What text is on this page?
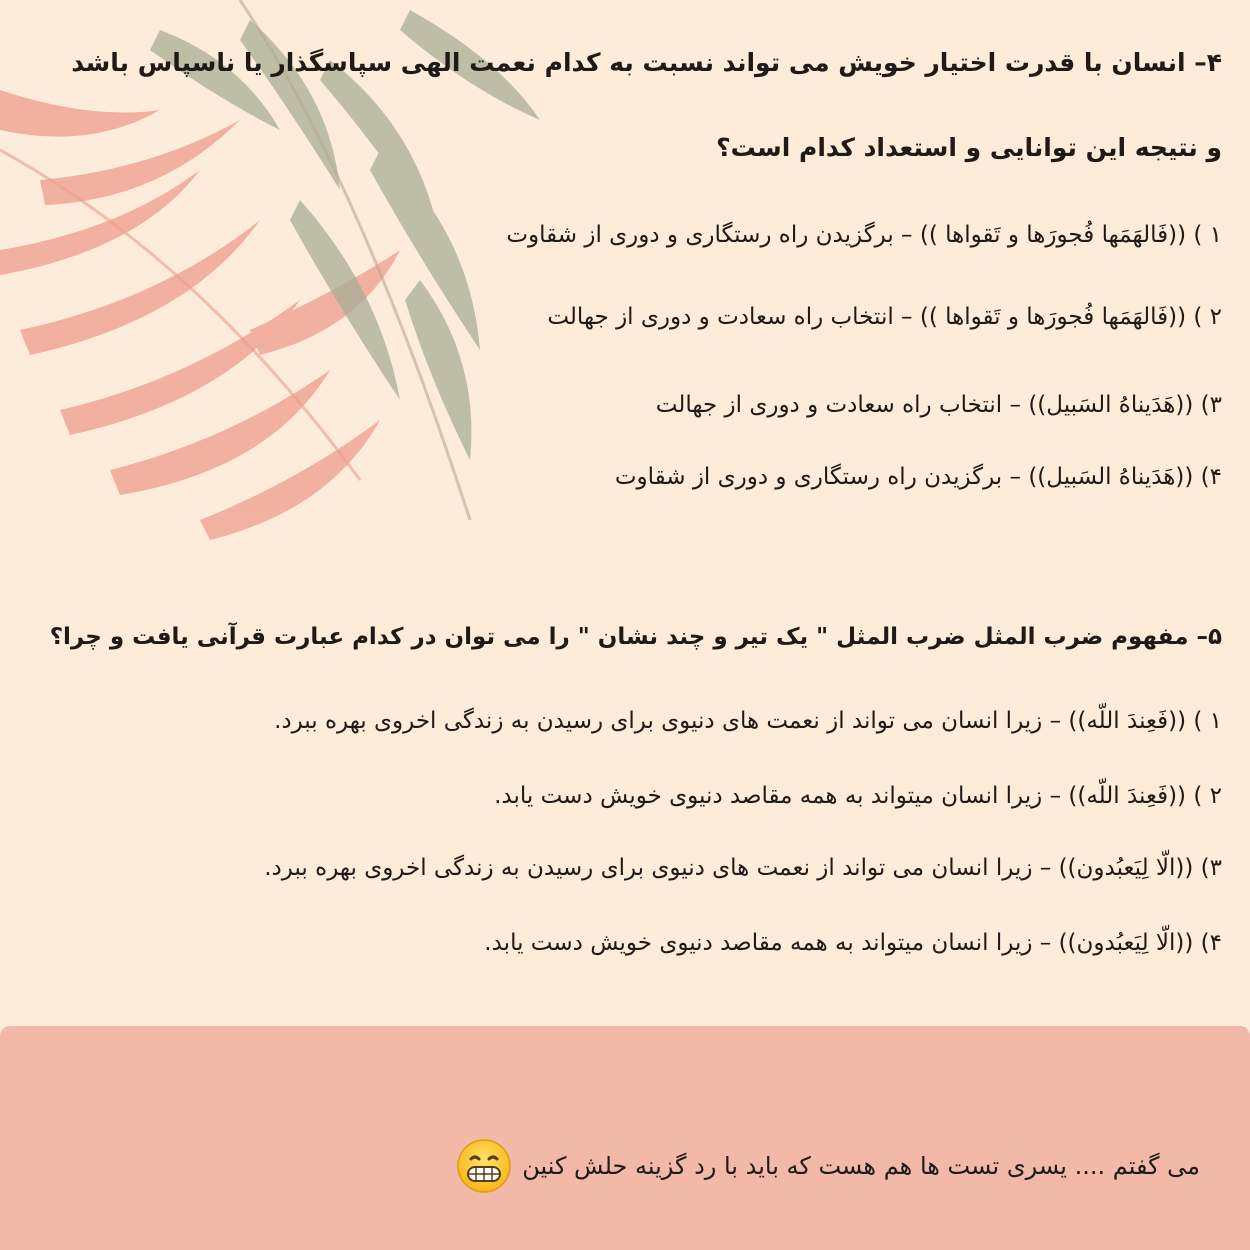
۴– انسان با قدرت اختیار خویش می تواند نسبت به کدام نعمت الهی سپاسگذار یا ناسپاس باشد
و نتیجه این توانایی و استعداد کدام است؟
۱ ) ((فَالهَمَها فُجورَها و تَقواها )) – برگزیدن راه رستگاری و دوری از شقاوت
۲ ) ((فَالهَمَها فُجورَها و تَقواها )) – انتخاب راه سعادت و دوری از جهالت
۳) ((هَدَیناهُ السَبیل)) – انتخاب راه سعادت و دوری از جهالت
۴) ((هَدَیناهُ السَبیل)) – برگزیدن راه رستگاری و دوری از شقاوت
۵– مفهوم ضرب المثل ضرب المثل " یک تیر و چند نشان " را می توان در کدام عبارت قرآنی یافت و چرا؟
۱ ) ((فَعِندَ اللّه)) – زیرا انسان می تواند از نعمت های دنیوی برای رسیدن به زندگی اخروی بهره ببرد.
۲ ) ((فَعِندَ اللّه)) – زیرا انسان میتواند به همه مقاصد دنیوی خویش دست یابد.
۳) ((الّا لِیَعبُدون)) – زیرا انسان می تواند از نعمت های دنیوی برای رسیدن به زندگی اخروی بهره ببرد.
۴) ((الّا لِیَعبُدون)) – زیرا انسان میتواند به همه مقاصد دنیوی خویش دست یابد.
می گفتم .... یسری تست ها هم هست که باید با رد گزینه حلش کنین
